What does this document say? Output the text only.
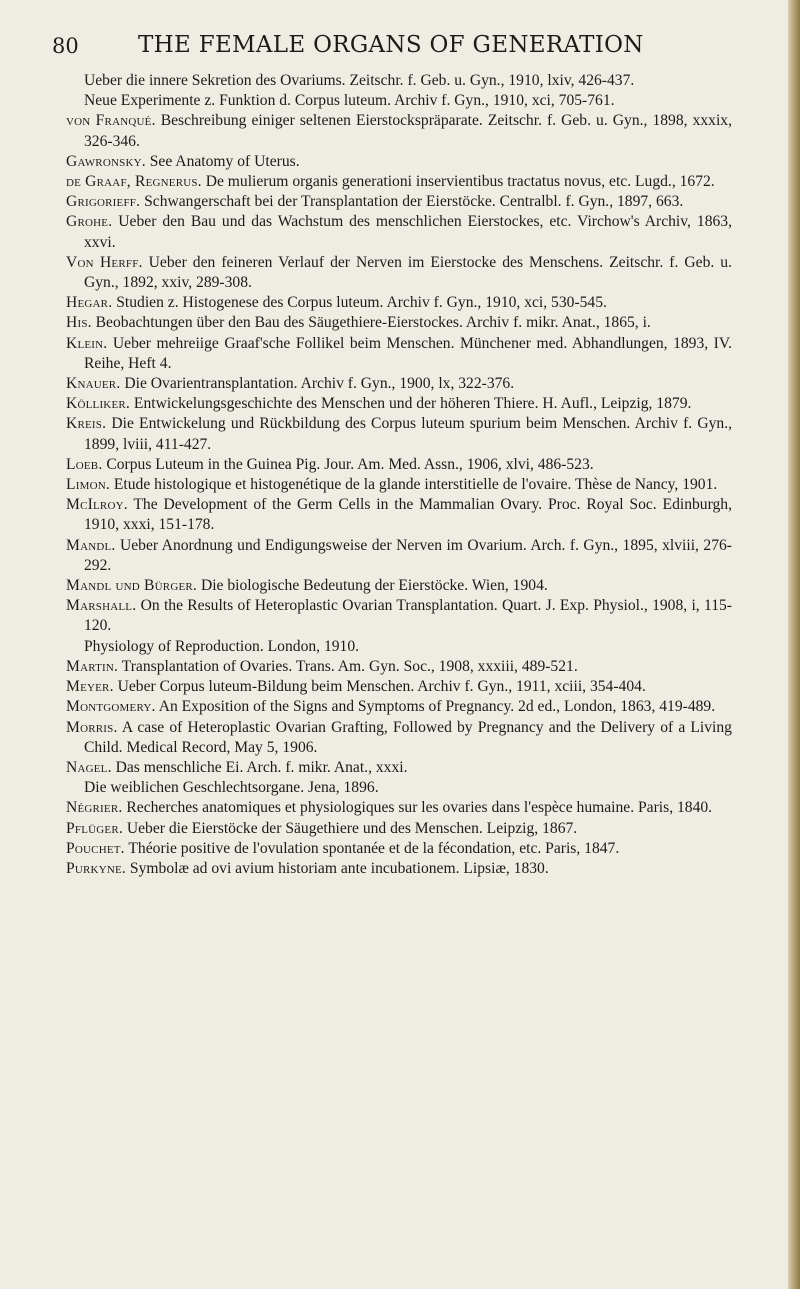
80	THE FEMALE ORGANS OF GENERATION
Ueber die innere Sekretion des Ovariums. Zeitschr. f. Geb. u. Gyn., 1910, lxiv, 426-437.
Neue Experimente z. Funktion d. Corpus luteum. Archiv f. Gyn., 1910, xci, 705-761.
von Franqué. Beschreibung einiger seltenen Eierstockspräparate. Zeitschr. f. Geb. u. Gyn., 1898, xxxix, 326-346.
Gawronsky. See Anatomy of Uterus.
de Graaf, Regnerus. De mulierum organis generationi inservientibus tractatus novus, etc. Lugd., 1672.
Grigorieff. Schwangerschaft bei der Transplantation der Eierstöcke. Centralbl. f. Gyn., 1897, 663.
Grohe. Ueber den Bau und das Wachstum des menschlichen Eierstockes, etc. Virchow's Archiv, 1863, xxvi.
Von Herff. Ueber den feineren Verlauf der Nerven im Eierstocke des Menschens. Zeitschr. f. Geb. u. Gyn., 1892, xxiv, 289-308.
Hegar. Studien z. Histogenese des Corpus luteum. Archiv f. Gyn., 1910, xci, 530-545.
His. Beobachtungen über den Bau des Säugethiere-Eierstockes. Archiv f. mikr. Anat., 1865, i.
Klein. Ueber mehreiige Graaf'sche Follikel beim Menschen. Münchener med. Abhandlungen, 1893, IV. Reihe, Heft 4.
Knauer. Die Ovarientransplantation. Archiv f. Gyn., 1900, lx, 322-376.
Kölliker. Entwickelungsgeschichte des Menschen und der höheren Thiere. H. Aufl., Leipzig, 1879.
Kreis. Die Entwickelung und Rückbildung des Corpus luteum spurium beim Menschen. Archiv f. Gyn., 1899, lviii, 411-427.
Loeb. Corpus Luteum in the Guinea Pig. Jour. Am. Med. Assn., 1906, xlvi, 486-523.
Limon. Etude histologique et histogenétique de la glande interstitielle de l'ovaire. Thèse de Nancy, 1901.
McIlroy. The Development of the Germ Cells in the Mammalian Ovary. Proc. Royal Soc. Edinburgh, 1910, xxxi, 151-178.
Mandl. Ueber Anordnung und Endigungsweise der Nerven im Ovarium. Arch. f. Gyn., 1895, xlviii, 276-292.
Mandl und Bürger. Die biologische Bedeutung der Eierstöcke. Wien, 1904.
Marshall. On the Results of Heteroplastic Ovarian Transplantation. Quart. J. Exp. Physiol., 1908, i, 115-120.
Physiology of Reproduction. London, 1910.
Martin. Transplantation of Ovaries. Trans. Am. Gyn. Soc., 1908, xxxiii, 489-521.
Meyer. Ueber Corpus luteum-Bildung beim Menschen. Archiv f. Gyn., 1911, xciii, 354-404.
Montgomery. An Exposition of the Signs and Symptoms of Pregnancy. 2d ed., London, 1863, 419-489.
Morris. A case of Heteroplastic Ovarian Grafting, Followed by Pregnancy and the Delivery of a Living Child. Medical Record, May 5, 1906.
Nagel. Das menschliche Ei. Arch. f. mikr. Anat., xxxi.
Die weiblichen Geschlechtsorgane. Jena, 1896.
Négrier. Recherches anatomiques et physiologiques sur les ovaries dans l'espèce humaine. Paris, 1840.
Pflüger. Ueber die Eierstöcke der Säugethiere und des Menschen. Leipzig, 1867.
Pouchet. Théorie positive de l'ovulation spontanée et de la fécondation, etc. Paris, 1847.
Purkyne. Symbolæ ad ovi avium historiam ante incubationem. Lipsiæ, 1830.
